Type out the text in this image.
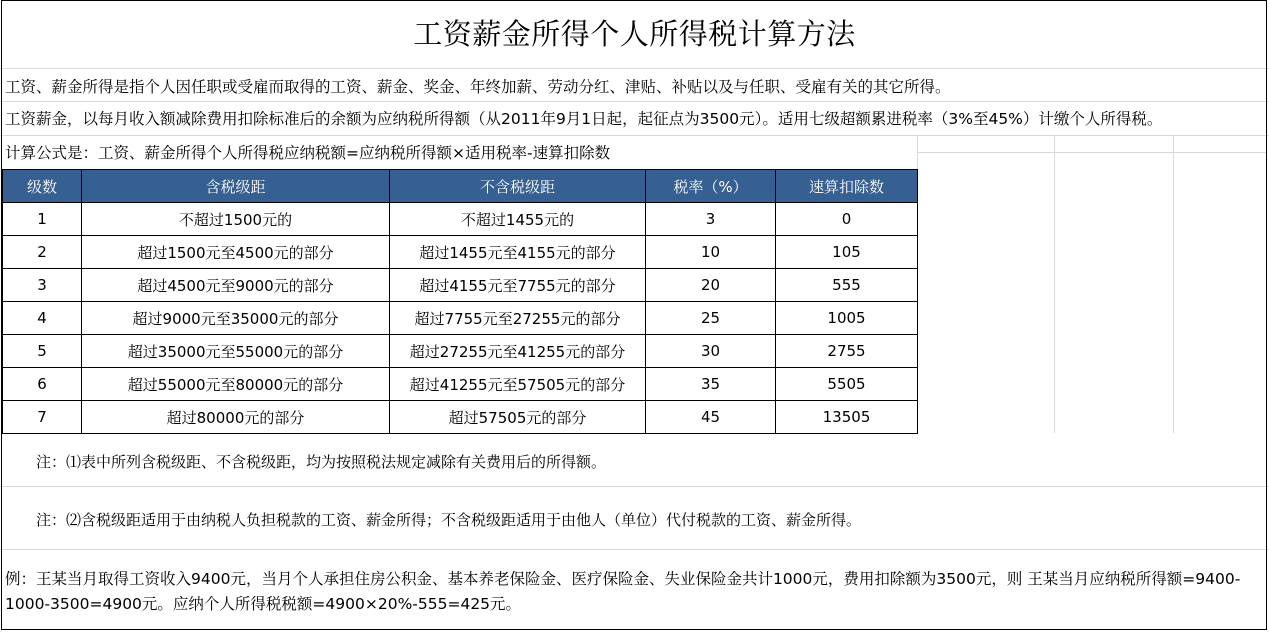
工资薪金所得个人所得税计算方法
工资、薪金所得是指个人因任职或受雇而取得的工资、薪金、奖金、年终加薪、劳动分红、津贴、补贴以及与任职、受雇有关的其它所得。
工资薪金，以每月收入额减除费用扣除标准后的余额为应纳税所得额（从2011年9月1日起，起征点为3500元）。适用七级超额累进税率（3%至45%）计缴个人所得税。
计算公式是：工资、薪金所得个人所得税应纳税额=应纳税所得额×适用税率-速算扣除数
级数	含税级距	不含税级距	税率（%）	速算扣除数
1	不超过1500元的	不超过1455元的	3	0
2	超过1500元至4500元的部分	超过1455元至4155元的部分	10	105
3	超过4500元至9000元的部分	超过4155元至7755元的部分	20	555
4	超过9000元至35000元的部分	超过7755元至27255元的部分	25	1005
5	超过35000元至55000元的部分	超过27255元至41255元的部分	30	2755
6	超过55000元至80000元的部分	超过41255元至57505元的部分	35	5505
7	超过80000元的部分	超过57505元的部分	45	13505
注：⑴表中所列含税级距、不含税级距，均为按照税法规定减除有关费用后的所得额。
注：⑵含税级距适用于由纳税人负担税款的工资、薪金所得；不含税级距适用于由他人（单位）代付税款的工资、薪金所得。
例：王某当月取得工资收入9400元，当月个人承担住房公积金、基本养老保险金、医疗保险金、失业保险金共计1000元，费用扣除额为3500元，则 王某当月应纳税所得额=9400-1000-3500=4900元。应纳个人所得税税额=4900×20%-555=425元。
